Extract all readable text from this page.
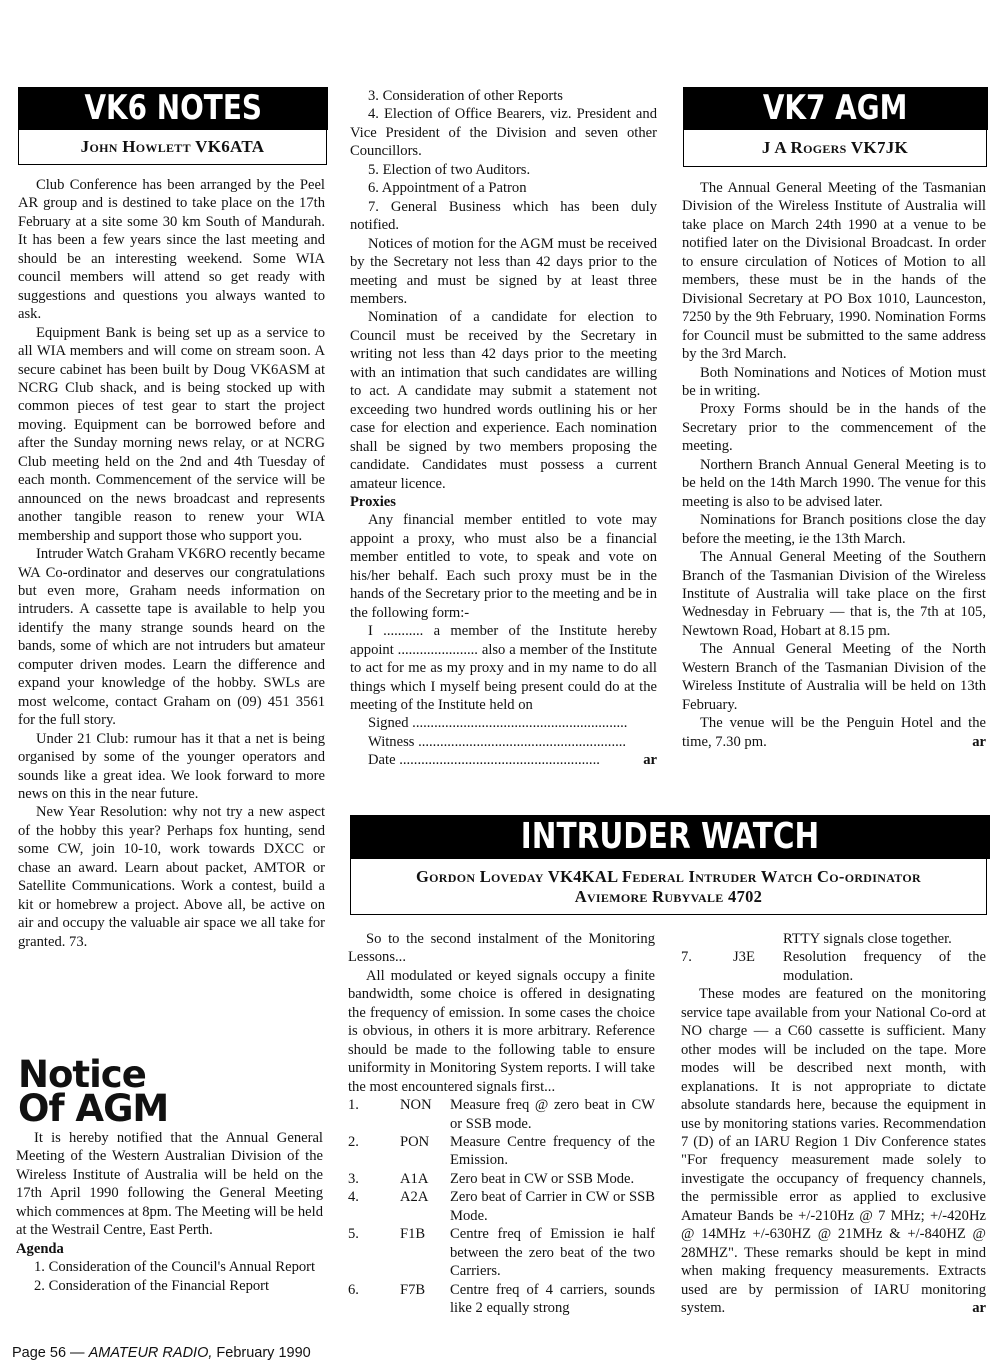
VK6 NOTES
John Howlett VK6ATA

Club Conference has been arranged by the Peel AR group and is destined to take place on the 17th February at a site some 30 km South of Mandurah. It has been a few years since the last meeting and should be an interesting weekend. Some WIA council members will attend so get ready with suggestions and questions you always wanted to ask.

Equipment Bank is being set up as a service to all WIA members and will come on stream soon. A secure cabinet has been built by Doug VK6ASM at NCRG Club shack, and is being stocked up with common pieces of test gear to start the project moving. Equipment can be borrowed before and after the Sunday morning news relay, or at NCRG Club meeting held on the 2nd and 4th Tuesday of each month. Commencement of the service will be announced on the news broadcast and represents another tangible reason to renew your WIA membership and support those who support you.

Intruder Watch Graham VK6RO recently became WA Co-ordinator and deserves our congratulations but even more, Graham needs information on intruders. A cassette tape is available to help you identify the many strange sounds heard on the bands, some of which are not intruders but amateur computer driven modes. Learn the difference and expand your knowledge of the hobby. SWLs are most welcome, contact Graham on (09) 451 3561 for the full story.

Under 21 Club: rumour has it that a net is being organised by some of the younger operators and sounds like a great idea. We look forward to more news on this in the near future.

New Year Resolution: why not try a new aspect of the hobby this year? Perhaps fox hunting, send some CW, join 10-10, work towards DXCC or chase an award. Learn about packet, AMTOR or Satellite Communications. Work a contest, build a kit or homebrew a project. Above all, be active on air and occupy the valuable air space we all take for granted. 73.

Notice
Of AGM

It is hereby notified that the Annual General Meeting of the Western Australian Division of the Wireless Institute of Australia will be held on the 17th April 1990 following the General Meeting which commences at 8pm. The Meeting will be held at the Westrail Centre, East Perth.

Agenda

1. Consideration of the Council's Annual Report

2. Consideration of the Financial Report

3. Consideration of other Reports

4. Election of Office Bearers, viz. President and Vice President of the Division and seven other Councillors.

5. Election of two Auditors.

6. Appointment of a Patron

7. General Business which has been duly notified.

Notices of motion for the AGM must be received by the Secretary not less than 42 days prior to the meeting and must be signed by at least three members.

Nomination of a candidate for election to Council must be received by the Secretary in writing not less than 42 days prior to the meeting with an intimation that such candidates are willing to act. A candidate may submit a statement not exceeding two hundred words outlining his or her case for election and experience. Each nomination shall be signed by two members proposing the candidate. Candidates must possess a current amateur licence.

Proxies

Any financial member entitled to vote may appoint a proxy, who must also be a financial member entitled to vote, to speak and vote on his/her behalf. Each such proxy must be in the hands of the Secretary prior to the meeting and be in the following form:-

I ........... a member of the Institute hereby appoint ...................... also a member of the Institute to act for me as my proxy and in my name to do all things which I myself being present could do at the meeting of the Institute held on

Signed ...........................................................

Witness .........................................................

Date .......................................................	ar

VK7 AGM
J A Rogers VK7JK

The Annual General Meeting of the Tasmanian Division of the Wireless Institute of Australia will take place on March 24th 1990 at a venue to be notified later on the Divisional Broadcast. In order to ensure circulation of Notices of Motion to all members, these must be in the hands of the Divisional Secretary at PO Box 1010, Launceston, 7250 by the 9th February, 1990. Nomination Forms for Council must be submitted to the same address by the 3rd March.

Both Nominations and Notices of Motion must be in writing.

Proxy Forms should be in the hands of the Secretary prior to the commencement of the meeting.

Northern Branch Annual General Meeting is to be held on the 14th March 1990. The venue for this meeting is also to be advised later.

Nominations for Branch positions close the day before the meeting, ie the 13th March.

The Annual General Meeting of the Southern Branch of the Tasmanian Division of the Wireless Institute of Australia will take place on the first Wednesday in February — that is, the 7th at 105, Newtown Road, Hobart at 8.15 pm.

The Annual General Meeting of the North Western Branch of the Tasmanian Division of the Wireless Institute of Australia will be held on 13th February.

The venue will be the Penguin Hotel and the time, 7.30 pm.	ar

INTRUDER WATCH
Gordon Loveday VK4KAL Federal Intruder Watch Co-ordinator
Aviemore Rubyvale 4702

So to the second instalment of the Monitoring Lessons...

All modulated or keyed signals occupy a finite bandwidth, some choice is offered in designating the frequency of emission. In some cases the choice is obvious, in others it is more arbitrary. Reference should be made to the following table to ensure uniformity in Monitoring System reports. I will take the most encountered signals first...

1.	NON	Measure freq @ zero beat in CW or SSB mode.
2.	PON	Measure Centre frequency of the Emission.
3.	A1A	Zero beat in CW or SSB Mode.
4.	A2A	Zero beat of Carrier in CW or SSB Mode.
5.	F1B	Centre freq of Emission ie half between the zero beat of the two Carriers.
6.	F7B	Centre freq of 4 carriers, sounds like 2 equally strong
		RTTY signals close together.
7.	J3E	Resolution frequency of the modulation.

These modes are featured on the monitoring service tape available from your National Co-ord at NO charge — a C60 cassette is sufficient. Many other modes will be included on the tape. More modes will be described next month, with explanations. It is not appropriate to dictate absolute standards here, because the equipment in use by monitoring stations varies. Recommendation 7 (D) of an IARU Region 1 Div Conference states "For frequency measurement made solely to investigate the occupancy of frequency channels, the permissible error as applied to exclusive Amateur Bands be +/-210Hz @ 7 MHz; +/-420Hz @ 14MHz +/-630HZ @ 21MHz & +/-840HZ @ 28MHZ". These remarks should be kept in mind when making frequency measurements. Extracts used are by permission of IARU monitoring system.	ar

Page 56 — AMATEUR RADIO, February 1990
